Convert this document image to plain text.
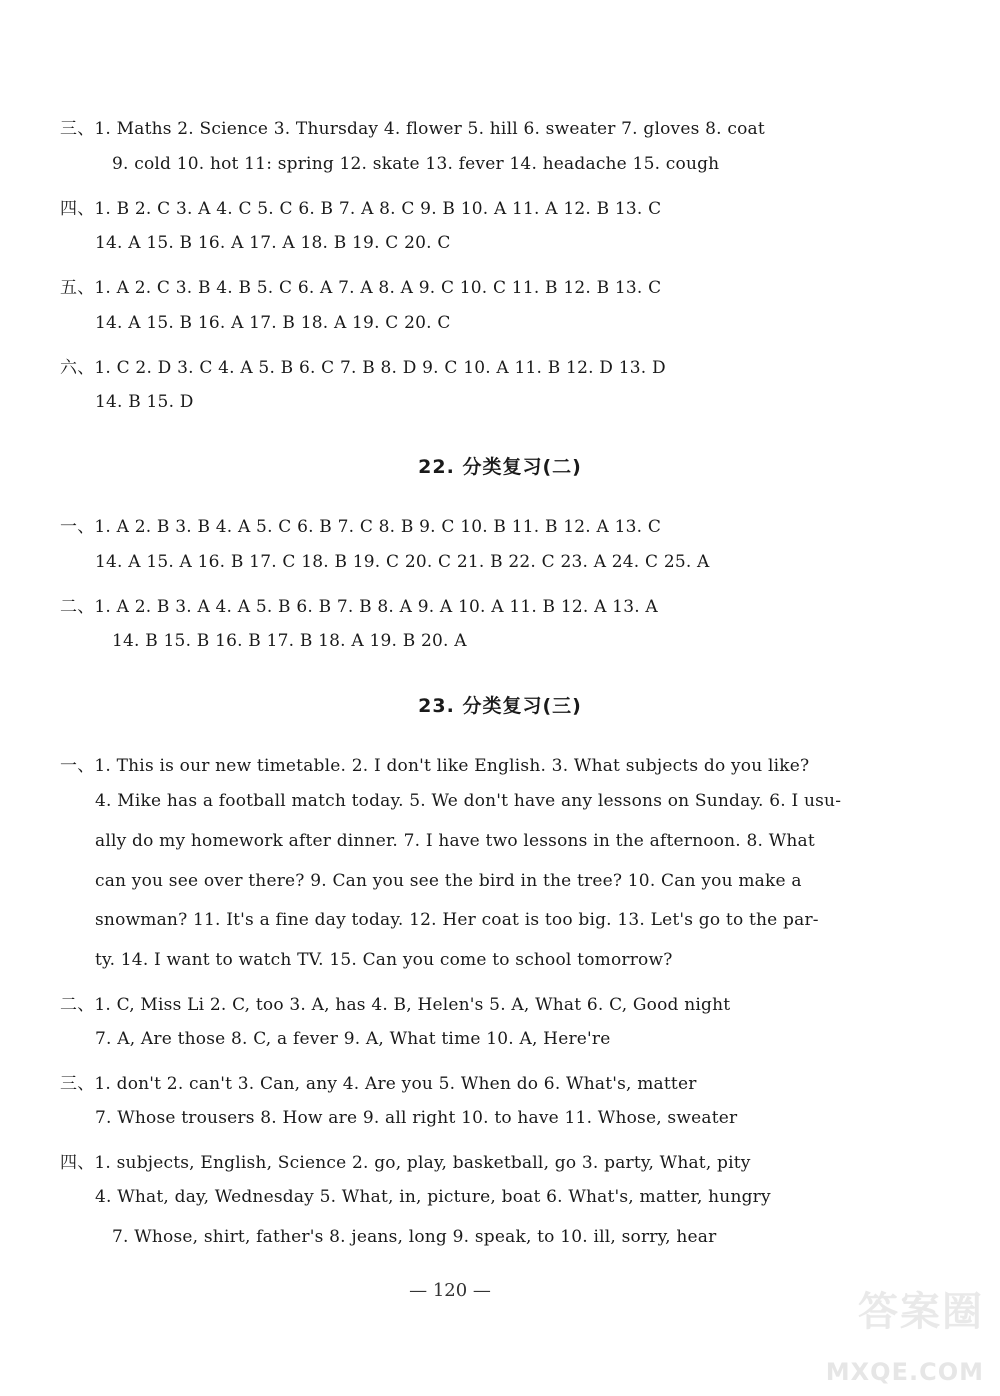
三、1. Maths 2. Science 3. Thursday 4. flower 5. hill 6. sweater 7. gloves 8. coat
9. cold 10. hot 11: spring 12. skate 13. fever 14. headache 15. cough
四、1. B 2. C 3. A 4. C 5. C 6. B 7. A 8. C 9. B 10. A 11. A 12. B 13. C
14. A 15. B 16. A 17. A 18. B 19. C 20. C
五、1. A 2. C 3. B 4. B 5. C 6. A 7. A 8. A 9. C 10. C 11. B 12. B 13. C
14. A 15. B 16. A 17. B 18. A 19. C 20. C
六、1. C 2. D 3. C 4. A 5. B 6. C 7. B 8. D 9. C 10. A 11. B 12. D 13. D
14. B 15. D
22. 分类复习(二)
一、1. A 2. B 3. B 4. A 5. C 6. B 7. C 8. B 9. C 10. B 11. B 12. A 13. C
14. A 15. A 16. B 17. C 18. B 19. C 20. C 21. B 22. C 23. A 24. C 25. A
二、1. A 2. B 3. A 4. A 5. B 6. B 7. B 8. A 9. A 10. A 11. B 12. A 13. A
14. B 15. B 16. B 17. B 18. A 19. B 20. A
23. 分类复习(三)
一、1. This is our new timetable. 2. I don't like English. 3. What subjects do you like?
4. Mike has a football match today. 5. We don't have any lessons on Sunday. 6. I usu-
ally do my homework after dinner. 7. I have two lessons in the afternoon. 8. What
can you see over there? 9. Can you see the bird in the tree? 10. Can you make a
snowman? 11. It's a fine day today. 12. Her coat is too big. 13. Let's go to the par-
ty. 14. I want to watch TV. 15. Can you come to school tomorrow?
二、1. C, Miss Li 2. C, too 3. A, has 4. B, Helen's 5. A, What 6. C, Good night
7. A, Are those 8. C, a fever 9. A, What time 10. A, Here're
三、1. don't 2. can't 3. Can, any 4. Are you 5. When do 6. What's, matter
7. Whose trousers 8. How are 9. all right 10. to have 11. Whose, sweater
四、1. subjects, English, Science 2. go, play, basketball, go 3. party, What, pity
4. What, day, Wednesday 5. What, in, picture, boat 6. What's, matter, hungry
7. Whose, shirt, father's 8. jeans, long 9. speak, to 10. ill, sorry, hear
— 120 —	答案圈
MXQE.COM
